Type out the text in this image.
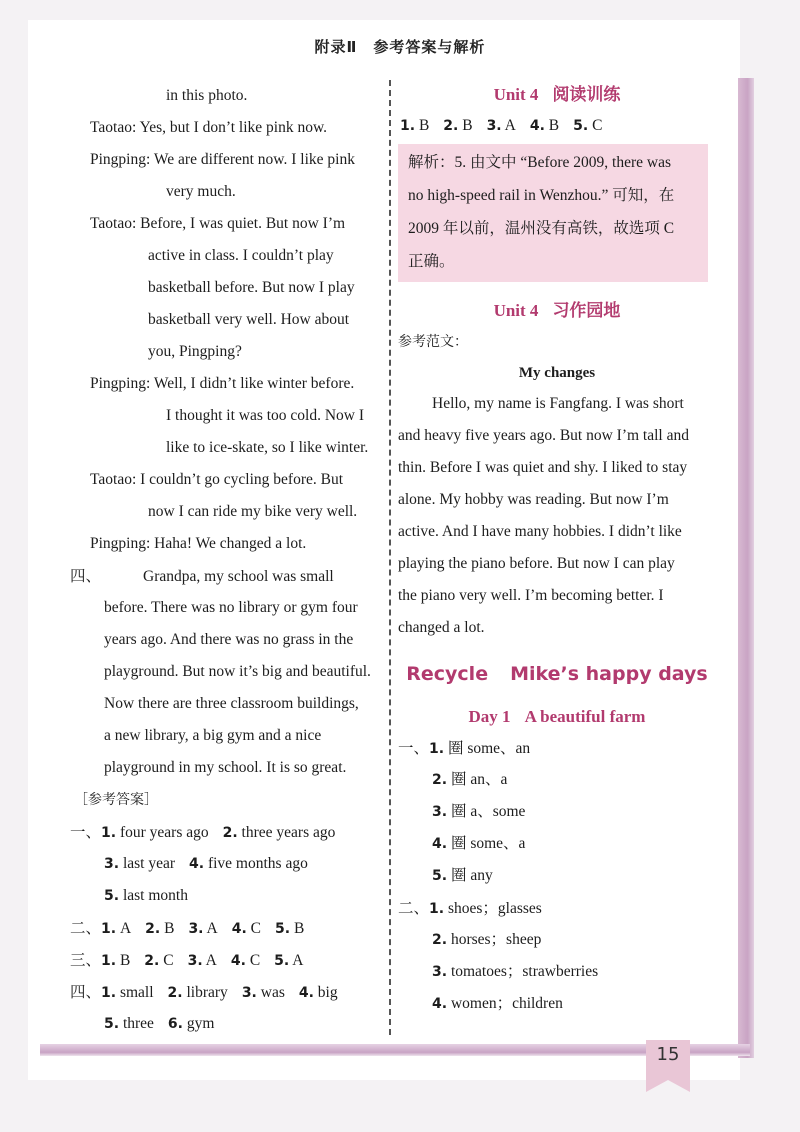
附录Ⅱ　参考答案与解析
in this photo.
Taotao: Yes, but I don’t like pink now.
Pingping: We are different now. I like pink
very much.
Taotao: Before, I was quiet. But now I’m
active in class. I couldn’t play
basketball before. But now I play
basketball very well. How about
you, Pingping?
Pingping: Well, I didn’t like winter before.
I thought it was too cold. Now I
like to ice-skate, so I like winter.
Taotao: I couldn’t go cycling before. But
now I can ride my bike very well.
Pingping: Haha! We changed a lot.
四、	Grandpa, my school was small
before. There was no library or gym four
years ago. And there was no grass in the
playground. But now it’s big and beautiful.
Now there are three classroom buildings,
a new library, a big gym and a nice
playground in my school. It is so great.
［参考答案］
一、1. four years ago 2. three years ago
3. last year 4. five months ago
5. last month
二、1. A 2. B 3. A 4. C 5. B
三、1. B 2. C 3. A 4. C 5. A
四、1. small 2. library 3. was 4. big
5. three 6. gym
Unit 4 阅读训练
1. B 2. B 3. A 4. B 5. C
解析：5. 由文中 “Before 2009, there was
no high-speed rail in Wenzhou.” 可知，在
2009 年以前，温州没有高铁，故选项 C
正确。
Unit 4 习作园地
参考范文：
My changes
Hello, my name is Fangfang. I was short
and heavy five years ago. But now I’m tall and
thin. Before I was quiet and shy. I liked to stay
alone. My hobby was reading. But now I’m
active. And I have many hobbies. I didn’t like
playing the piano before. But now I can play
the piano very well. I’m becoming better. I
changed a lot.
Recycle Mike’s happy days
Day 1 A beautiful farm
一、1. 圈 some、an
2. 圈 an、a
3. 圈 a、some
4. 圈 some、a
5. 圈 any
二、1. shoes；glasses
2. horses；sheep
3. tomatoes；strawberries
4. women；children
15
